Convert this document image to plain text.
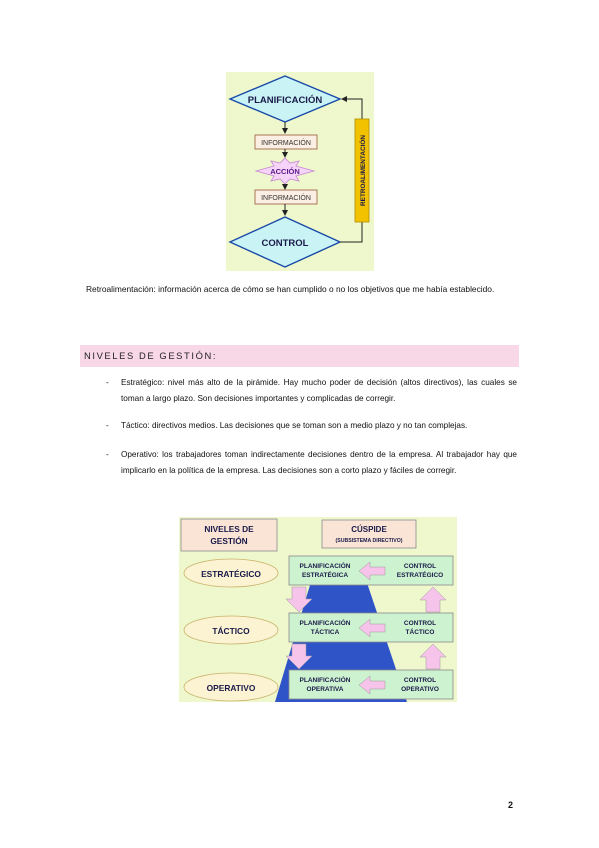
PLANIFICACIÓN
INFORMACIÓN
ACCIÓN
INFORMACIÓN
CONTROL
RETROALIMENTACIÓN
Retroalimentación: información acerca de cómo se han cumplido o no los objetivos que me había establecido.
NIVELES DE GESTIÓN:
- Estratégico: nivel más alto de la pirámide. Hay mucho poder de decisión (altos directivos), las cuales se toman a largo plazo. Son decisiones importantes y complicadas de corregir.
- Táctico: directivos medios. Las decisiones que se toman son a medio plazo y no tan complejas.
- Operativo: los trabajadores toman indirectamente decisiones dentro de la empresa. Al trabajador hay que implicarlo en la política de la empresa. Las decisiones son a corto plazo y fáciles de corregir.
NIVELES DE
GESTIÓN
CÚSPIDE
(SUBSISTEMA DIRECTIVO)
ESTRATÉGICO
TÁCTICO
OPERATIVO
PLANIFICACIÓN
ESTRATÉGICA
CONTROL
ESTRATÉGICO
PLANIFICACIÓN
TÁCTICA
CONTROL
TÁCTICO
PLANIFICACIÓN
OPERATIVA
CONTROL
OPERATIVO
2
